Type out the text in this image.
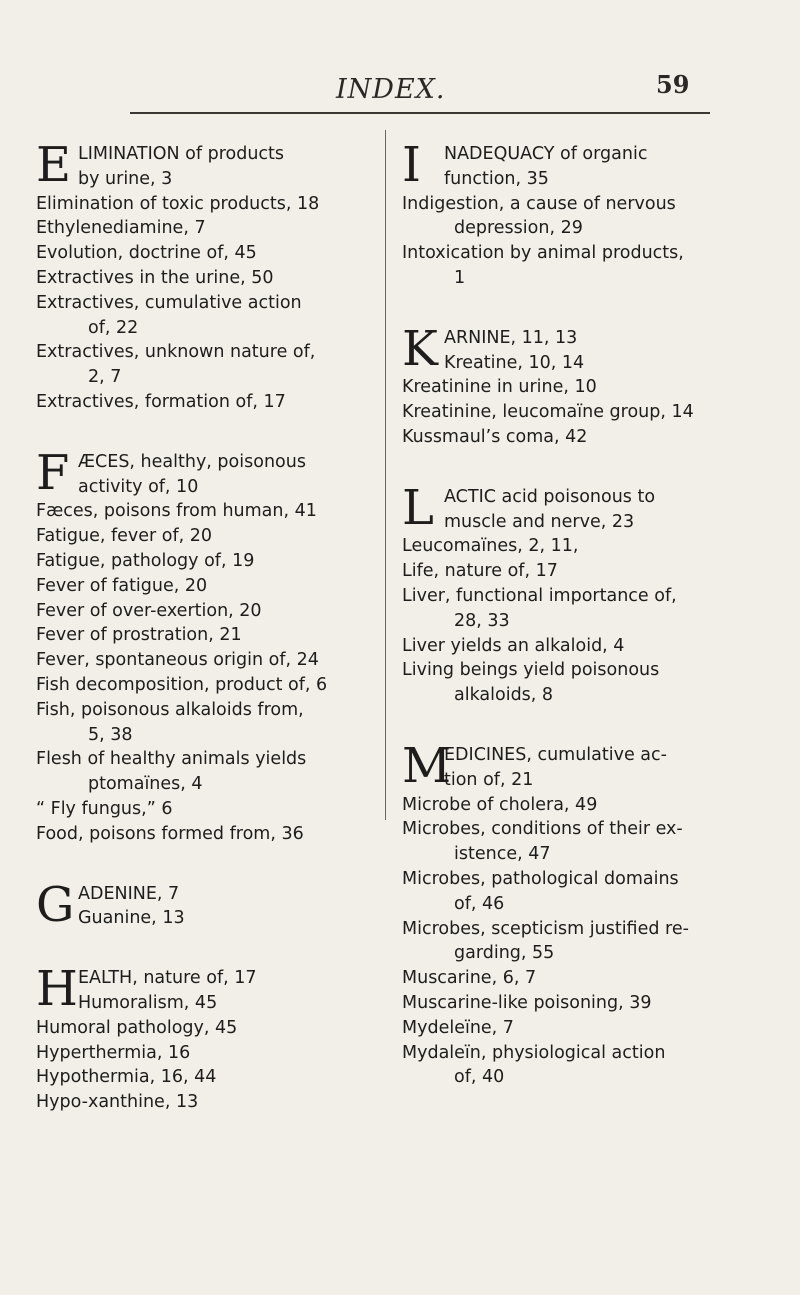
INDEX.	59
E LIMINATION of products
by urine, 3
Elimination of toxic products, 18
Ethylenediamine, 7
Evolution, doctrine of, 45
Extractives in the urine, 50
Extractives, cumulative action
of, 22
Extractives, unknown nature of,
2, 7
Extractives, formation of, 17
F ÆCES, healthy, poisonous
activity of, 10
Fæces, poisons from human, 41
Fatigue, fever of, 20
Fatigue, pathology of, 19
Fever of fatigue, 20
Fever of over-exertion, 20
Fever of prostration, 21
Fever, spontaneous origin of, 24
Fish decomposition, product of, 6
Fish, poisonous alkaloids from,
5, 38
Flesh of healthy animals yields
ptomaïnes, 4
“ Fly fungus,” 6
Food, poisons formed from, 36
G ADENINE, 7
Guanine, 13
H EALTH, nature of, 17
Humoralism, 45
Humoral pathology, 45
Hyperthermia, 16
Hypothermia, 16, 44
Hypo-xanthine, 13
I NADEQUACY of organic
function, 35
Indigestion, a cause of nervous
depression, 29
Intoxication by animal products,
1
K ARNINE, 11, 13
Kreatine, 10, 14
Kreatinine in urine, 10
Kreatinine, leucomaïne group, 14
Kussmaul’s coma, 42
L ACTIC acid poisonous to
muscle and nerve, 23
Leucomaïnes, 2, 11,
Life, nature of, 17
Liver, functional importance of,
28, 33
Liver yields an alkaloid, 4
Living beings yield poisonous
alkaloids, 8
M
EDICINES, cumulative ac-
tion of, 21
Microbe of cholera, 49
Microbes, conditions of their ex-
istence, 47
Microbes, pathological domains
of, 46
Microbes, scepticism justified re-
garding, 55
Muscarine, 6, 7
Muscarine-like poisoning, 39
Mydeleïne, 7
Mydaleïn, physiological action
of, 40
